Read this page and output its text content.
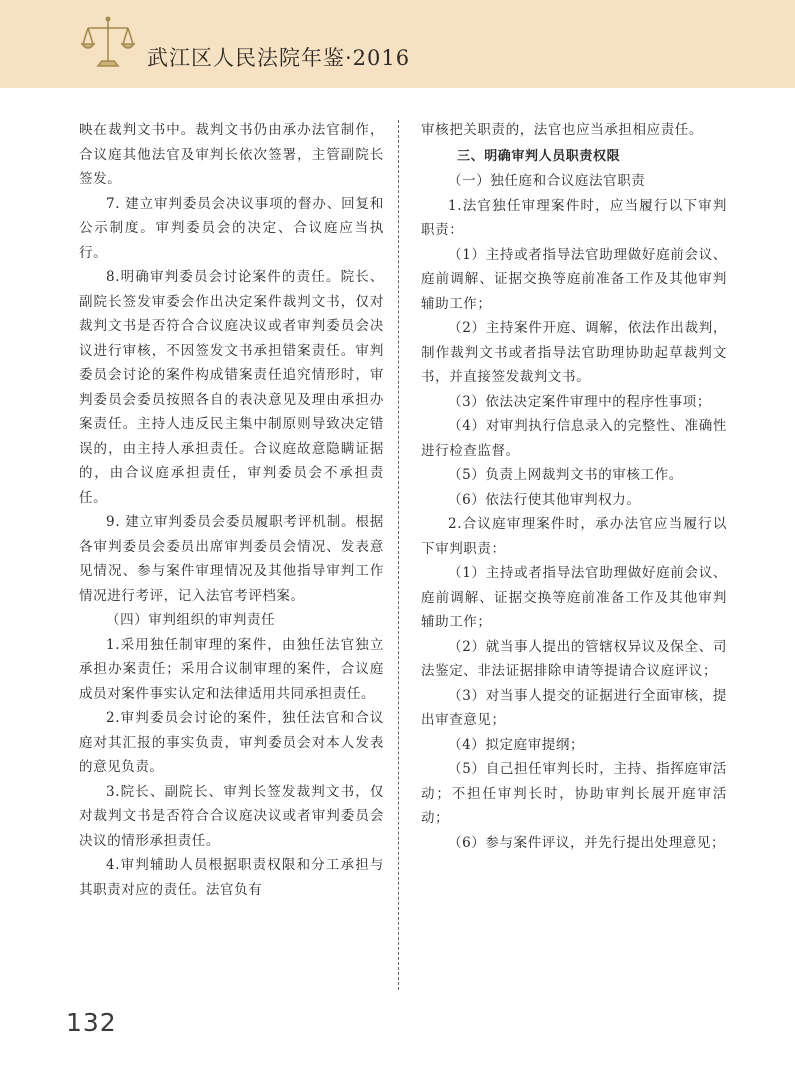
武江区人民法院年鉴·2016

映在裁判文书中。裁判文书仍由承办法官制作，合议庭其他法官及审判长依次签署，主管副院长签发。

7. 建立审判委员会决议事项的督办、回复和公示制度。审判委员会的决定、合议庭应当执行。

8.明确审判委员会讨论案件的责任。院长、副院长签发审委会作出决定案件裁判文书，仅对裁判文书是否符合合议庭决议或者审判委员会决议进行审核，不因签发文书承担错案责任。审判委员会讨论的案件构成错案责任追究情形时，审判委员会委员按照各自的表决意见及理由承担办案责任。主持人违反民主集中制原则导致决定错误的，由主持人承担责任。合议庭故意隐瞒证据的，由合议庭承担责任，审判委员会不承担责任。

9. 建立审判委员会委员履职考评机制。根据各审判委员会委员出席审判委员会情况、发表意见情况、参与案件审理情况及其他指导审判工作情况进行考评，记入法官考评档案。

（四）审判组织的审判责任

1.采用独任制审理的案件，由独任法官独立承担办案责任；采用合议制审理的案件，合议庭成员对案件事实认定和法律适用共同承担责任。

2.审判委员会讨论的案件，独任法官和合议庭对其汇报的事实负责，审判委员会对本人发表的意见负责。

3.院长、副院长、审判长签发裁判文书，仅对裁判文书是否符合合议庭决议或者审判委员会决议的情形承担责任。

4.审判辅助人员根据职责权限和分工承担与其职责对应的责任。法官负有

审核把关职责的，法官也应当承担相应责任。

三、明确审判人员职责权限

（一）独任庭和合议庭法官职责

1.法官独任审理案件时，应当履行以下审判职责：

（1）主持或者指导法官助理做好庭前会议、庭前调解、证据交换等庭前准备工作及其他审判辅助工作；

（2）主持案件开庭、调解，依法作出裁判，制作裁判文书或者指导法官助理协助起草裁判文书，并直接签发裁判文书。

（3）依法决定案件审理中的程序性事项；

（4）对审判执行信息录入的完整性、准确性进行检查监督。

（5）负责上网裁判文书的审核工作。

（6）依法行使其他审判权力。

2.合议庭审理案件时，承办法官应当履行以下审判职责：

（1）主持或者指导法官助理做好庭前会议、庭前调解、证据交换等庭前准备工作及其他审判辅助工作；

（2）就当事人提出的管辖权异议及保全、司法鉴定、非法证据排除申请等提请合议庭评议；

（3）对当事人提交的证据进行全面审核，提出审查意见；

（4）拟定庭审提纲；

（5）自己担任审判长时，主持、指挥庭审活动；不担任审判长时，协助审判长展开庭审活动；

（6）参与案件评议，并先行提出处理意见；

132
